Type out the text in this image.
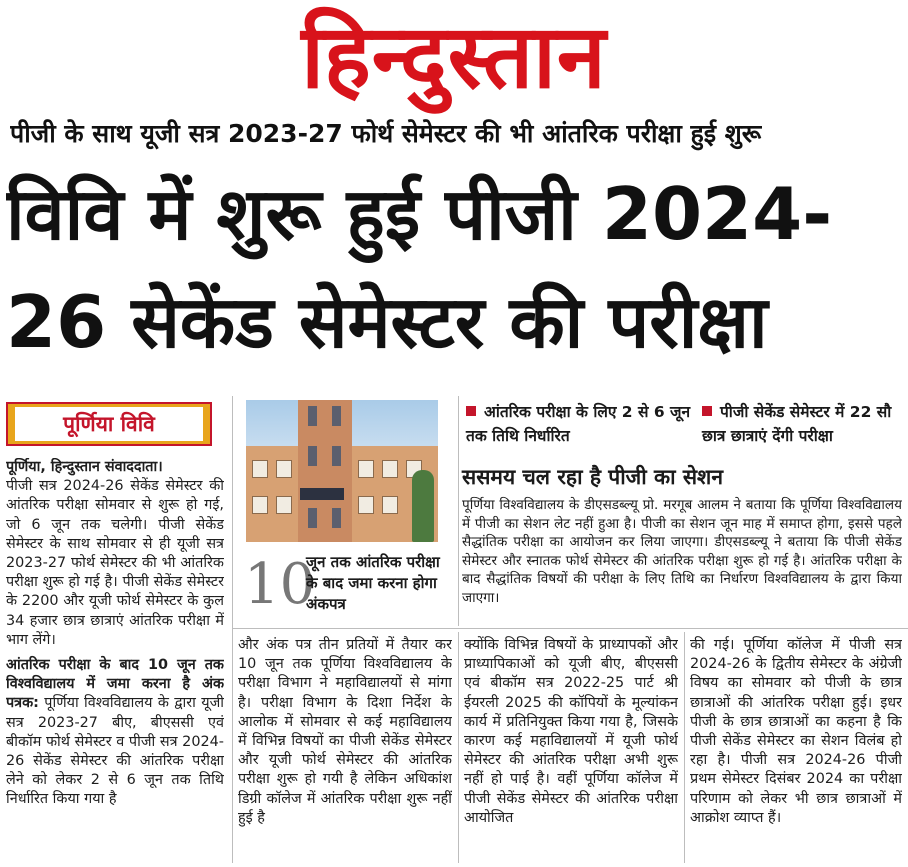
हिन्दुस्तान
पीजी के साथ यूजी सत्र 2023-27 फोर्थ सेमेस्टर की भी आंतरिक परीक्षा हुई शुरू
विवि में शुरू हुई पीजी 2024-26 सेकेंड सेमेस्टर की परीक्षा
पूर्णिया विवि
पूर्णिया, हिन्दुस्तान संवाददाता।
पीजी सत्र 2024-26 सेकेंड सेमेस्टर की आंतरिक परीक्षा सोमवार से शुरू हो गई, जो 6 जून तक चलेगी। पीजी सेकेंड सेमेस्टर के साथ सोमवार से ही यूजी सत्र 2023-27 फोर्थ सेमेस्टर की भी आंतरिक परीक्षा शुरू हो गई है। पीजी सेकेंड सेमेस्टर के 2200 और यूजी फोर्थ सेमेस्टर के कुल 34 हजार छात्र छात्राएं आंतरिक परीक्षा में भाग लेंगे।
आंतरिक परीक्षा के बाद 10 जून तक विश्वविद्यालय में जमा करना है अंक पत्रक: पूर्णिया विश्वविद्यालय के द्वारा यूजी सत्र 2023-27 बीए, बीएससी एवं बीकॉम फोर्थ सेमेस्टर व पीजी सत्र 2024-26 सेकेंड सेमेस्टर की आंतरिक परीक्षा लेने को लेकर 2 से 6 जून तक तिथि निर्धारित किया गया है
10
जून तक आंतरिक परीक्षा के बाद जमा करना होगा अंकपत्र
आंतरिक परीक्षा के लिए 2 से 6 जून तक तिथि निर्धारित
पीजी सेकेंड सेमेस्टर में 22 सौ छात्र छात्राएं देंगी परीक्षा
ससमय चल रहा है पीजी का सेशन
पूर्णिया विश्वविद्यालय के डीएसडब्ल्यू प्रो. मरगूब आलम ने बताया कि पूर्णिया विश्वविद्यालय में पीजी का सेशन लेट नहीं हुआ है। पीजी का सेशन जून माह में समाप्त होगा, इससे पहले सैद्धांतिक परीक्षा का आयोजन कर लिया जाएगा। डीएसडब्ल्यू ने बताया कि पीजी सेकेंड सेमेस्टर और स्नातक फोर्थ सेमेस्टर की आंतरिक परीक्षा शुरू हो गई है। आंतरिक परीक्षा के बाद सैद्धांतिक विषयों की परीक्षा के लिए तिथि का निर्धारण विश्वविद्यालय के द्वारा किया जाएगा।
और अंक पत्र तीन प्रतियों में तैयार कर 10 जून तक पूर्णिया विश्वविद्यालय के परीक्षा विभाग ने महाविद्यालयों से मांगा है। परीक्षा विभाग के दिशा निर्देश के आलोक में सोमवार से कई महाविद्यालय में विभिन्न विषयों का पीजी सेकेंड सेमेस्टर और यूजी फोर्थ सेमेस्टर की आंतरिक परीक्षा शुरू हो गयी है लेकिन अधिकांश डिग्री कॉलेज में आंतरिक परीक्षा शुरू नहीं हुई है
क्योंकि विभिन्न विषयों के प्राध्यापकों और प्राध्यापिकाओं को यूजी बीए, बीएससी एवं बीकॉम सत्र 2022-25 पार्ट श्री ईयरली 2025 की कॉपियों के मूल्यांकन कार्य में प्रतिनियुक्त किया गया है, जिसके कारण कई महाविद्यालयों में यूजी फोर्थ सेमेस्टर की आंतरिक परीक्षा अभी शुरू नहीं हो पाई है। वहीं पूर्णिया कॉलेज में पीजी सेकेंड सेमेस्टर की आंतरिक परीक्षा आयोजित
की गई। पूर्णिया कॉलेज में पीजी सत्र 2024-26 के द्वितीय सेमेस्टर के अंग्रेजी विषय का सोमवार को पीजी के छात्र छात्राओं की आंतरिक परीक्षा हुई। इधर पीजी के छात्र छात्राओं का कहना है कि पीजी सेकेंड सेमेस्टर का सेशन विलंब हो रहा है। पीजी सत्र 2024-26 पीजी प्रथम सेमेस्टर दिसंबर 2024 का परीक्षा परिणाम को लेकर भी छात्र छात्राओं में आक्रोश व्याप्त हैं।
